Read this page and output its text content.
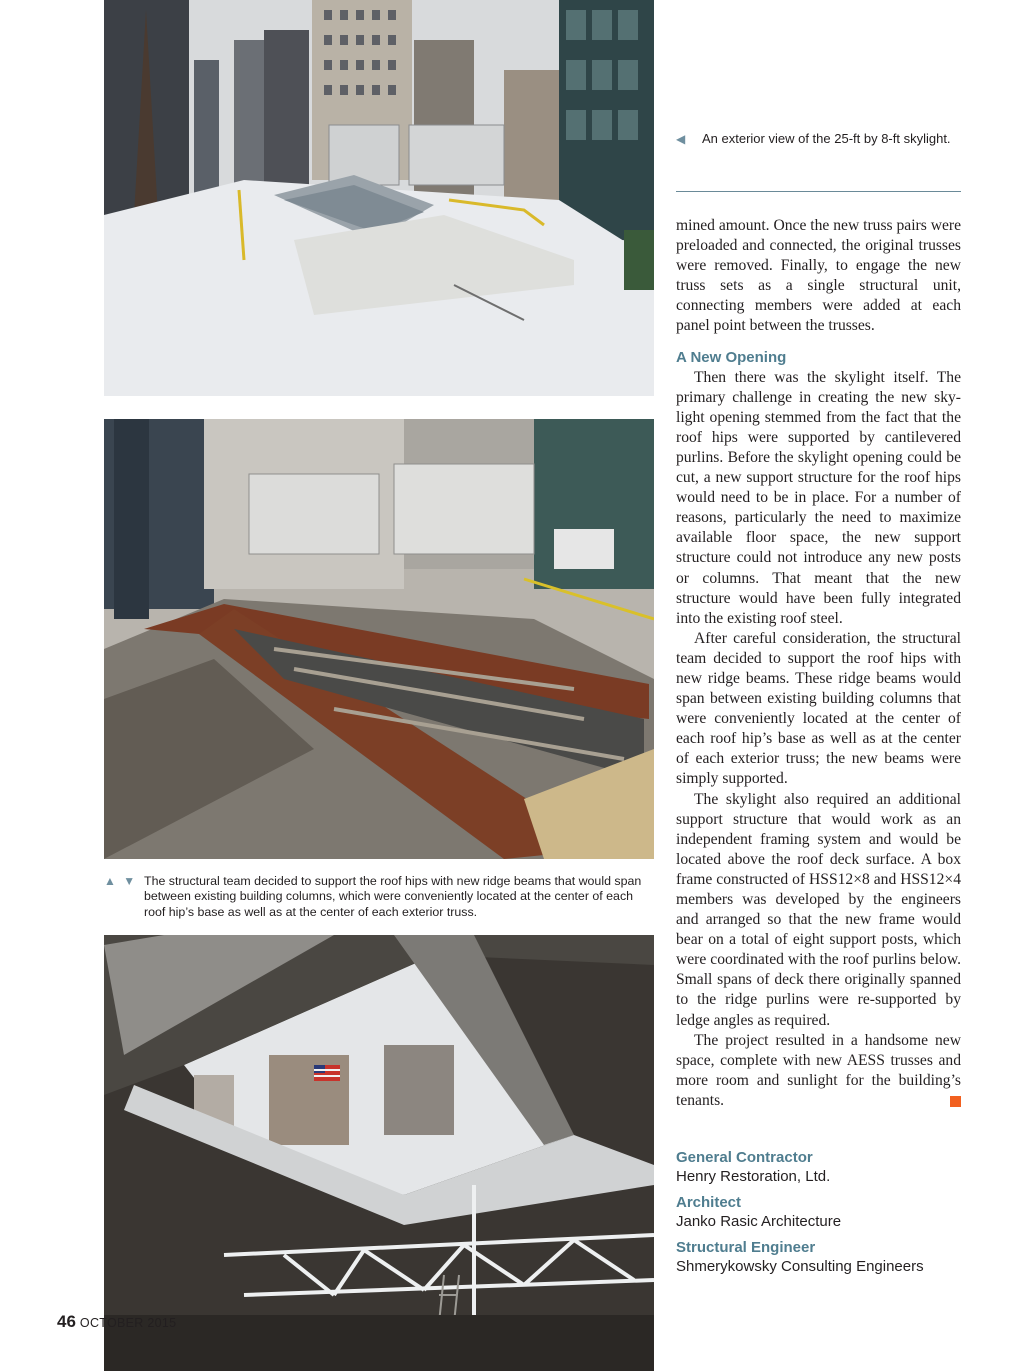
◀ An exterior view of the 25-ft by 8-ft skylight.
▲ ▼ The structural team decided to support the roof hips with new ridge beams that would span between existing building columns, which were conveniently located at the center of each roof hip’s base as well as at the center of each exterior truss.

mined amount. Once the new truss pairs were preloaded and connected, the original trusses were removed. Finally, to engage the new truss sets as a single structural unit, connecting members were added at each panel point between the trusses.

A New Opening

Then there was the skylight itself. The primary challenge in creating the new skylight opening stemmed from the fact that the roof hips were supported by cantilevered purlins. Before the skylight opening could be cut, a new support structure for the roof hips would need to be in place. For a number of reasons, particularly the need to maximize available floor space, the new support structure could not introduce any new posts or columns. That meant that the new structure would have been fully integrated into the existing roof steel.

After careful consideration, the structural team decided to support the roof hips with new ridge beams. These ridge beams would span between existing building columns that were conveniently located at the center of each roof hip’s base as well as at the center of each exterior truss; the new beams were simply supported.

The skylight also required an additional support structure that would work as an independent framing system and would be located above the roof deck surface. A box frame constructed of HSS12×8 and HSS12×4 members was developed by the engineers and arranged so that the new frame would bear on a total of eight support posts, which were coordinated with the roof purlins below. Small spans of deck there originally spanned to the ridge purlins were re-supported by ledge angles as required.

The project resulted in a handsome new space, complete with new AESS trusses and more room and sunlight for the building’s tenants.

General Contractor
Henry Restoration, Ltd.
Architect
Janko Rasic Architecture
Structural Engineer
Shmerykowsky Consulting Engineers
46 OCTOBER 2015
